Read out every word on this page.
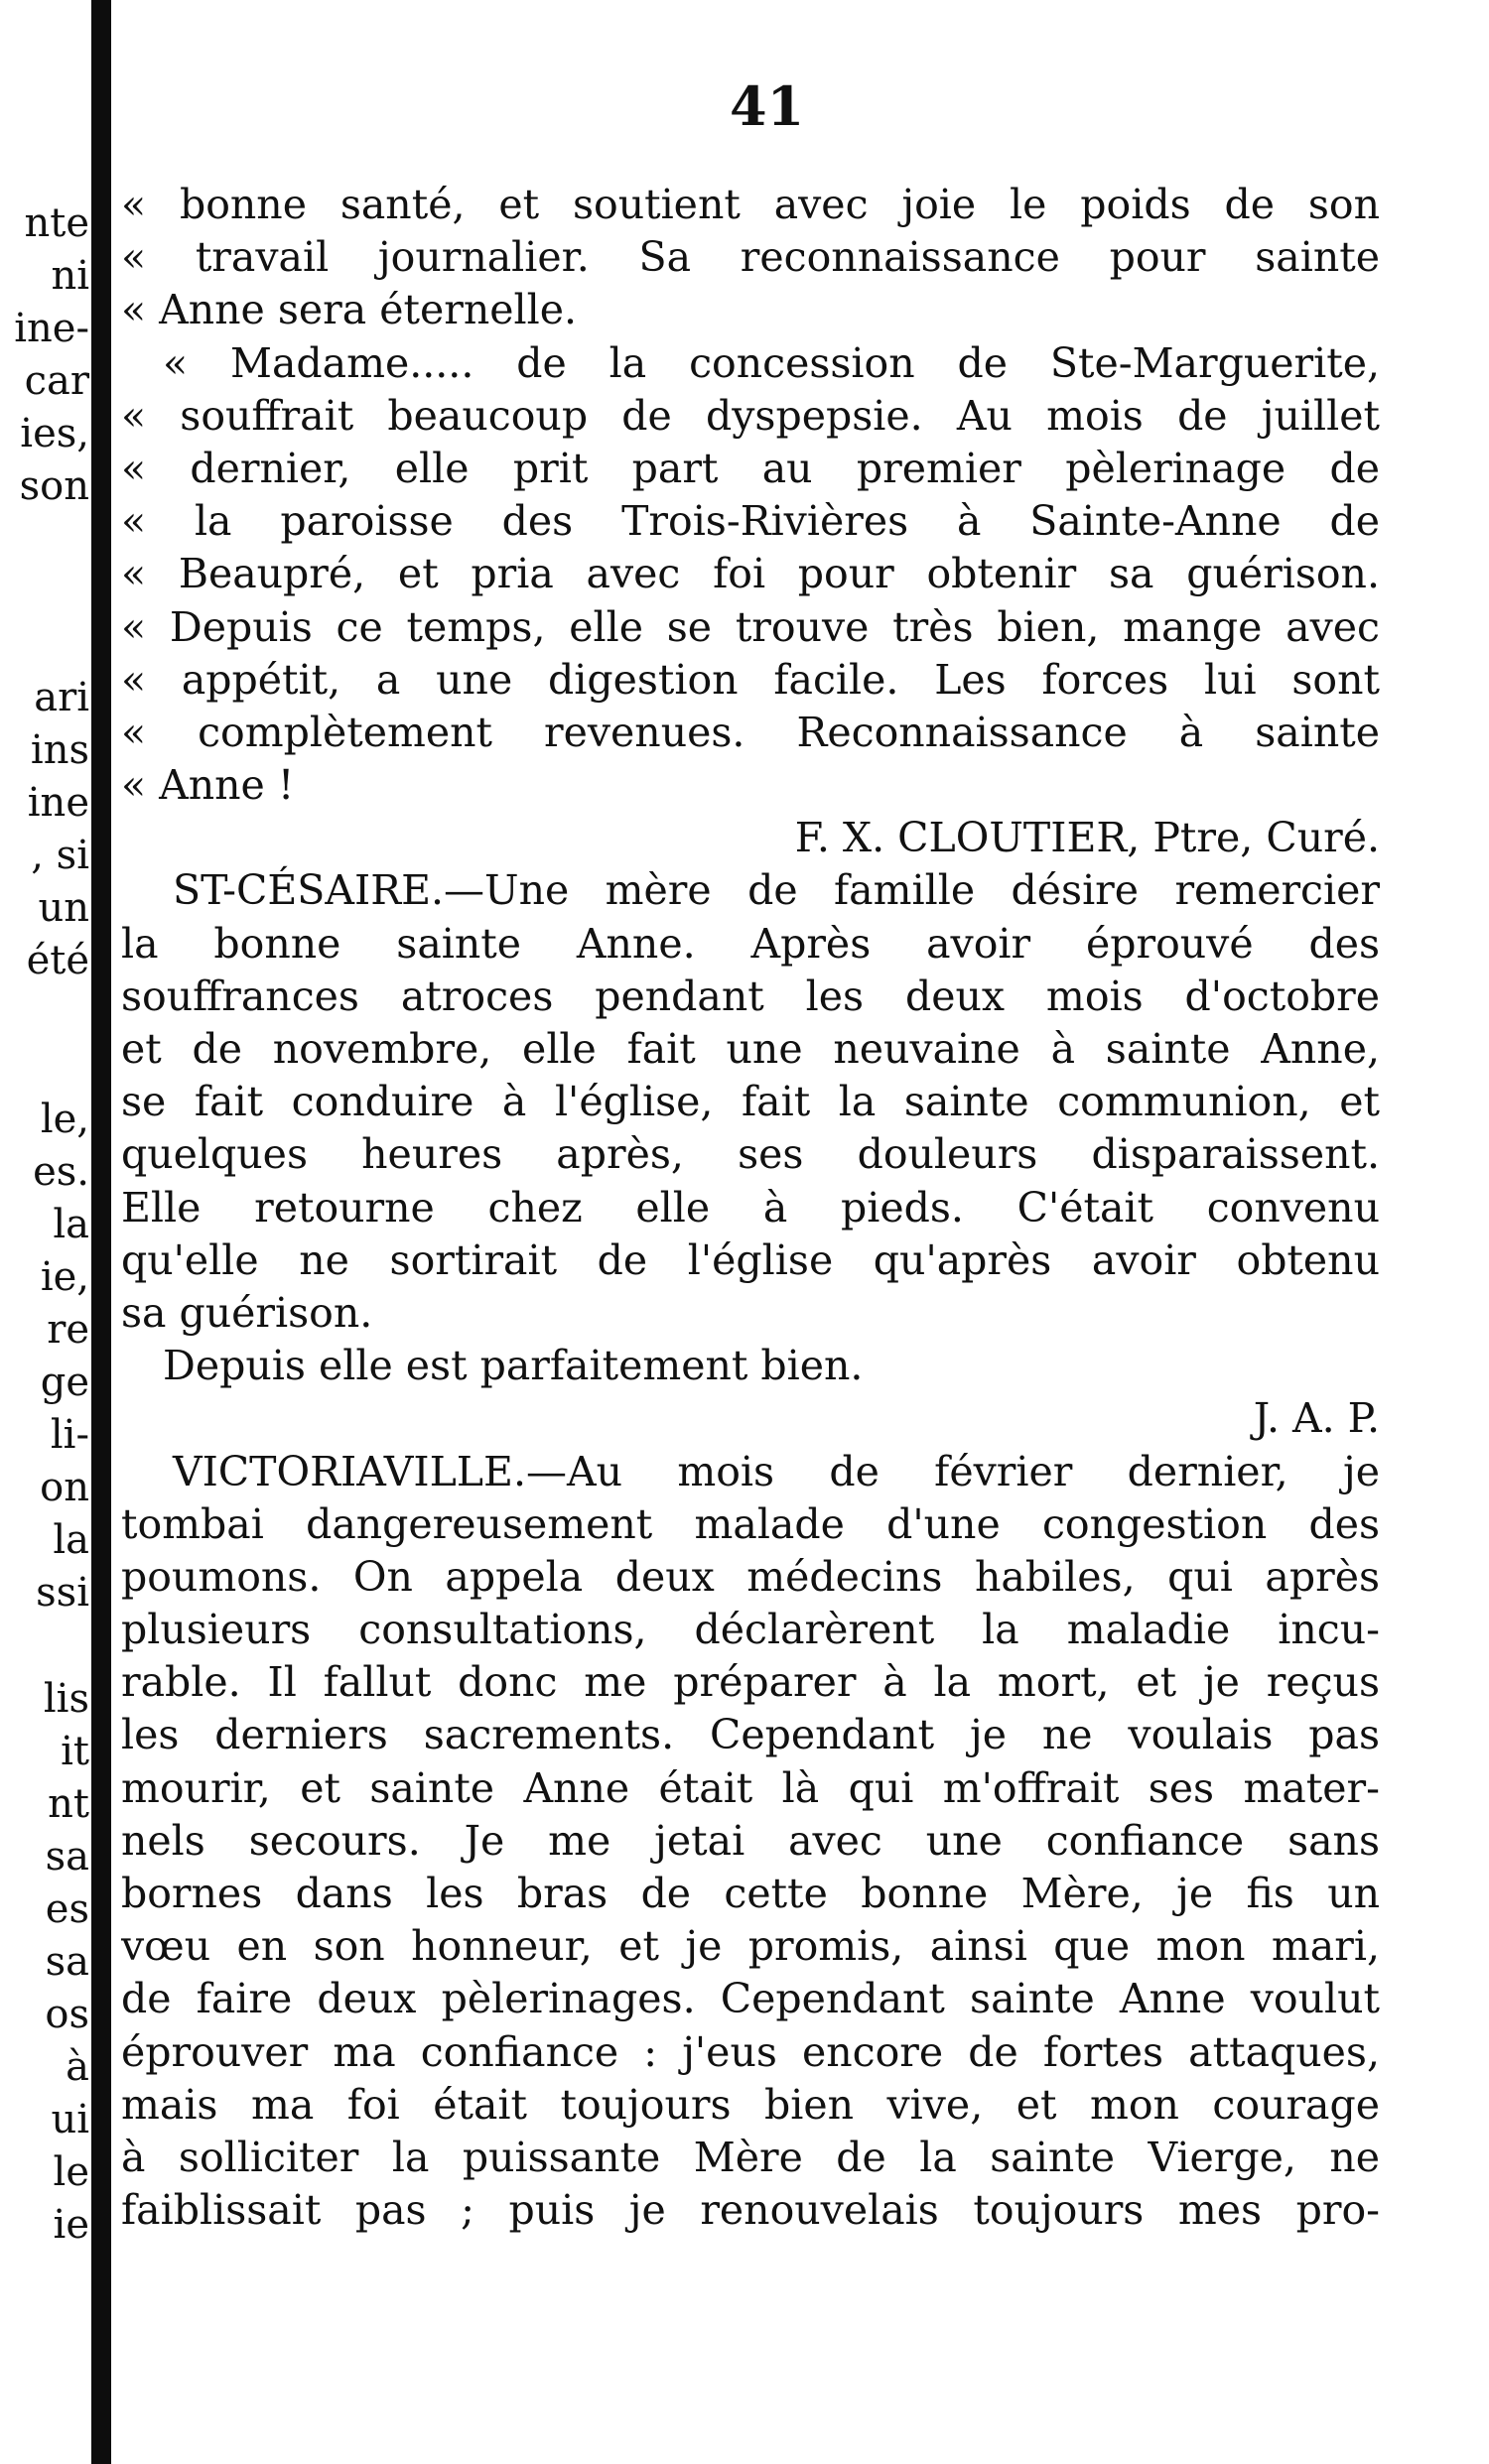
nte
ni
ine-
car
ies,
son
ari
ins
ine
, si
un
été
le,
es.
la
ie,
re
ge
li-
on
la
ssi
lis
it
nt
sa
es
sa
os
à
ui
le
ie
41
« bonne santé, et soutient avec joie le poids de son
« travail journalier. Sa reconnaissance pour sainte
« Anne sera éternelle.
« Madame..... de la concession de Ste-Marguerite,
« souffrait beaucoup de dyspepsie. Au mois de juillet
« dernier, elle prit part au premier pèlerinage de
« la paroisse des Trois-Rivières à Sainte-Anne de
« Beaupré, et pria avec foi pour obtenir sa guérison.
« Depuis ce temps, elle se trouve très bien, mange avec
« appétit, a une digestion facile. Les forces lui sont
« complètement revenues. Reconnaissance à sainte
« Anne !
F. X. CLOUTIER, Ptre, Curé.
ST-CÉSAIRE.—Une mère de famille désire remercier
la bonne sainte Anne. Après avoir éprouvé des
souffrances atroces pendant les deux mois d'octobre
et de novembre, elle fait une neuvaine à sainte Anne,
se fait conduire à l'église, fait la sainte communion, et
quelques heures après, ses douleurs disparaissent.
Elle retourne chez elle à pieds. C'était convenu
qu'elle ne sortirait de l'église qu'après avoir obtenu
sa guérison.
Depuis elle est parfaitement bien.
J. A. P.
VICTORIAVILLE.—Au mois de février dernier, je
tombai dangereusement malade d'une congestion des
poumons. On appela deux médecins habiles, qui après
plusieurs consultations, déclarèrent la maladie incu-
rable. Il fallut donc me préparer à la mort, et je reçus
les derniers sacrements. Cependant je ne voulais pas
mourir, et sainte Anne était là qui m'offrait ses mater-
nels secours. Je me jetai avec une confiance sans
bornes dans les bras de cette bonne Mère, je fis un
vœu en son honneur, et je promis, ainsi que mon mari,
de faire deux pèlerinages. Cependant sainte Anne voulut
éprouver ma confiance : j'eus encore de fortes attaques,
mais ma foi était toujours bien vive, et mon courage
à solliciter la puissante Mère de la sainte Vierge, ne
faiblissait pas ; puis je renouvelais toujours mes pro-
